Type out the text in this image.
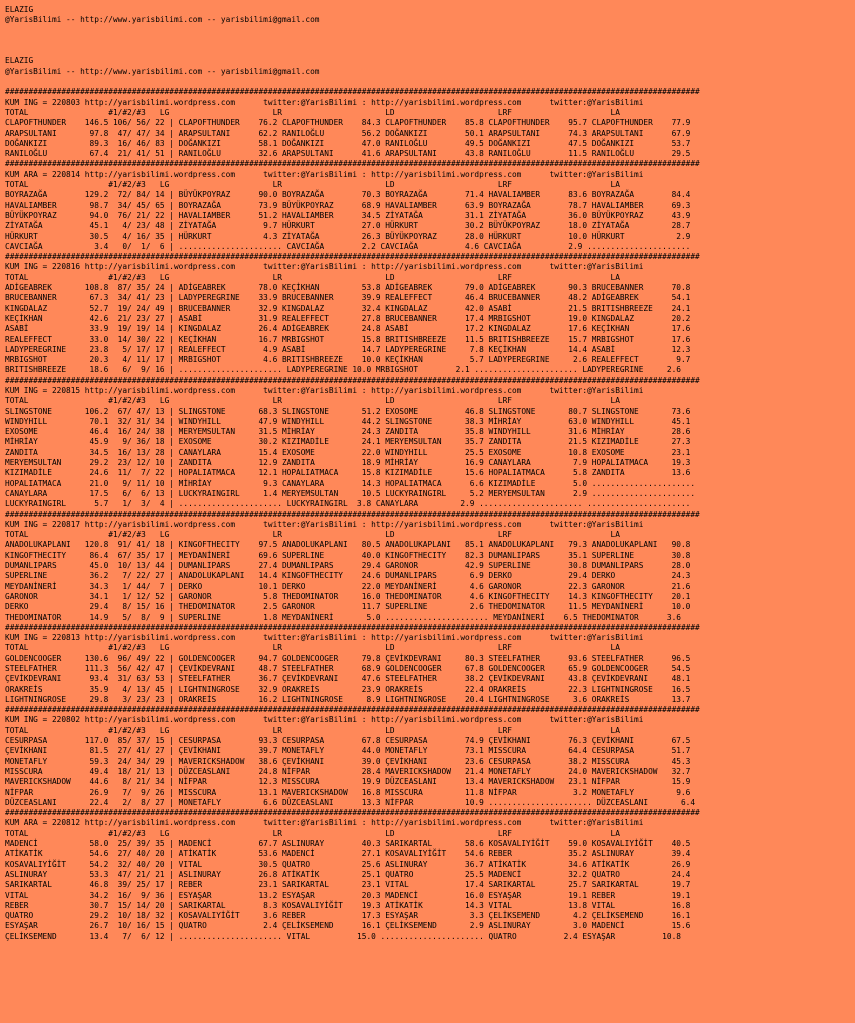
ELAZIG
@YarisBilimi -- http://www.yarisbilimi.com -- yarisbilimi@gmail.com

ELAZIG
@YarisBilimi -- http://www.yarisbilimi.com -- yarisbilimi@gmail.com

####################################################################################################################################################
KUM ING = 220803 http://yarisbilimi.wordpress.com      twitter:@YarisBilimi : http://yarisbilimi.wordpress.com      twitter:@YarisBilimi
TOTAL                 #1/#2/#3   LG                      LR                      LD                      LRF                     LA
CLAPOFTHUNDER    146.5 106/ 56/ 22 | CLAPOFTHUNDER    76.2 CLAPOFTHUNDER    84.3 CLAPOFTHUNDER    85.8 CLAPOFTHUNDER    95.7 CLAPOFTHUNDER    77.9
ARAPSULTANI       97.8  47/ 47/ 34 | ARAPSULTANI      62.2 RANILOĞLU        56.2 DOĞANKIZI        50.1 ARAPSULTANI      74.3 ARAPSULTANI      67.9
DOĞANKIZI         89.3  16/ 46/ 83 | DOĞANKIZI        58.1 DOĞANKIZI        47.0 RANILOĞLU        49.5 DOĞANKIZI        47.5 DOĞANKIZI        53.7
RANILOĞLU         67.4  21/ 41/ 51 | RANILOĞLU        32.6 ARAPSULTANI      41.6 ARAPSULTANI      43.8 RANILOĞLU        11.5 RANILOĞLU        29.5
####################################################################################################################################################
KUM ARA = 220814 http://yarisbilimi.wordpress.com      twitter:@YarisBilimi : http://yarisbilimi.wordpress.com      twitter:@YarisBilimi
TOTAL                 #1/#2/#3   LG                      LR                      LD                      LRF                     LA
BOYRAZAĞA        129.2  72/ 84/ 14 | BÜYÜKPOYRAZ      90.0 BOYRAZAĞA        70.3 BOYRAZAĞA        71.4 HAVALIAMBER      83.6 BOYRAZAĞA        84.4
HAVALIAMBER       98.7  34/ 45/ 65 | BOYRAZAĞA        73.9 BÜYÜKPOYRAZ      68.9 HAVALIAMBER      63.9 BOYRAZAĞA        78.7 HAVALIAMBER      69.3
BÜYÜKPOYRAZ       94.0  76/ 21/ 22 | HAVALIAMBER      51.2 HAVALIAMBER      34.5 ZİYATAĞA         31.1 ZİYATAĞA         36.0 BÜYÜKPOYRAZ      43.9
ZİYATAĞA          45.1   4/ 23/ 48 | ZİYATAĞA          9.7 HÜRKURT          27.0 HÜRKURT          30.2 BÜYÜKPOYRAZ      18.0 ZİYATAĞA         28.7
HÜRKURT           30.5   4/ 16/ 35 | HÜRKURT           4.3 ZİYATAĞA         26.3 BÜYÜKPOYRAZ      28.0 HÜRKURT          10.0 HÜRKURT           2.9
CAVCIAĞA           3.4   0/  1/  6 | ...................... CAVCIAĞA        2.2 CAVCIAĞA          4.6 CAVCIAĞA          2.9 ......................
####################################################################################################################################################
KUM ING = 220816 http://yarisbilimi.wordpress.com      twitter:@YarisBilimi : http://yarisbilimi.wordpress.com      twitter:@YarisBilimi
TOTAL                 #1/#2/#3   LG                      LR                      LD                      LRF                     LA
ADİGEABREK       108.8  87/ 35/ 24 | ADİGEABREK       78.0 KEÇİKHAN         53.8 ADİGEABREK       79.0 ADİGEABREK       90.3 BRUCEBANNER      70.8
BRUCEBANNER       67.3  34/ 41/ 23 | LADYPEREGRINE    33.9 BRUCEBANNER      39.9 REALEFFECT       46.4 BRUCEBANNER      48.2 ADİGEABREK       54.1
KINGDALAZ         52.7  19/ 24/ 49 | BRUCEBANNER      32.9 KINGDALAZ        32.4 KINGDALAZ        42.0 ASABİ            21.5 BRITISHBREEZE    24.1
KEÇİKHAN          42.6  21/ 23/ 27 | ASABİ            31.9 REALEFFECT       27.8 BRUCEBANNER      17.4 MRBIGSHOT        19.0 KINGDALAZ        20.2
ASABİ             33.9  19/ 19/ 14 | KINGDALAZ        26.4 ADİGEABREK       24.8 ASABİ            17.2 KINGDALAZ        17.6 KEÇİKHAN         17.6
REALEFFECT        33.0  14/ 30/ 22 | KEÇİKHAN         16.7 MRBIGSHOT        15.8 BRITISHBREEZE    11.5 BRITISHBREEZE    15.7 MRBIGSHOT        17.6
LADYPEREGRINE     23.8   5/ 17/ 17 | REALEFFECT        4.9 ASABİ            14.7 LADYPEREGRINE     7.8 KEÇİKHAN         14.4 ASABİ            12.3
MRBIGSHOT         20.3   4/ 11/ 17 | MRBIGSHOT         4.6 BRITISHBREEZE    10.0 KEÇİKHAN          5.7 LADYPEREGRINE     2.6 REALEFFECT        9.7
BRITISHBREEZE     18.6   6/  9/ 16 | ...................... LADYPEREGRINE 10.0 MRBIGSHOT        2.1 ...................... LADYPEREGRINE     2.6
####################################################################################################################################################
KUM ING = 220815 http://yarisbilimi.wordpress.com      twitter:@YarisBilimi : http://yarisbilimi.wordpress.com      twitter:@YarisBilimi
TOTAL                 #1/#2/#3   LG                      LR                      LD                      LRF                     LA
SLINGSTONE       106.2  67/ 47/ 13 | SLINGSTONE       68.3 SLINGSTONE       51.2 EXOSOME          46.8 SLINGSTONE       80.7 SLINGSTONE       73.6
WINDYHILL         70.1  32/ 31/ 34 | WINDYHILL        47.9 WINDYHILL        44.2 SLINGSTONE       38.3 MİHRİAY          63.0 WINDYHILL        45.1
EXOSOME           46.4  16/ 24/ 38 | MERYEMSULTAN     31.5 MİHRİAY          24.3 ZANDITA          35.8 WINDYHILL        31.6 MİHRİAY          28.6
MİHRİAY           45.9   9/ 36/ 18 | EXOSOME          30.2 KIZIMADİLE       24.1 MERYEMSULTAN     35.7 ZANDITA          21.5 KIZIMADİLE       27.3
ZANDITA           34.5  16/ 13/ 28 | CANAYLARA        15.4 EXOSOME          22.0 WINDYHILL        25.5 EXOSOME          10.8 EXOSOME          23.1
MERYEMSULTAN      29.2  23/ 12/ 10 | ZANDITA          12.9 ZANDITA          18.9 MİHRİAY          16.9 CANAYLARA         7.9 HOPALIATMACA     19.3
KIZIMADİLE        24.6  11/  7/ 22 | HOPALIATMACA     12.1 HOPALIATMACA     15.8 KIZIMADİLE       15.6 HOPALIATMACA      5.8 ZANDITA          13.6
HOPALIATMACA      21.0   9/ 11/ 10 | MİHRİAY           9.3 CANAYLARA        14.3 HOPALIATMACA      6.6 KIZIMADİLE        5.0 ......................
CANAYLARA         17.5   6/  6/ 13 | LUCKYRAINGIRL     1.4 MERYEMSULTAN     10.5 LUCKYRAINGIRL     5.2 MERYEMSULTAN      2.9 ......................
LUCKYRAINGIRL      5.7   1/  3/  4 | ...................... LUCKYRAINGIRL  3.8 CANAYLARA         2.9 ...................... ......................
####################################################################################################################################################
KUM ING = 220817 http://yarisbilimi.wordpress.com      twitter:@YarisBilimi : http://yarisbilimi.wordpress.com      twitter:@YarisBilimi
TOTAL                 #1/#2/#3   LG                      LR                      LD                      LRF                     LA
ANADOLUKAPLANI   120.8  91/ 41/ 18 | KINGOFTHECITY    97.5 ANADOLUKAPLANI   80.5 ANADOLUKAPLANI   85.1 ANADOLUKAPLANI   79.3 ANADOLUKAPLANI   90.8
KINGOFTHECITY     86.4  67/ 35/ 17 | MEYDANİNERİ      69.6 SUPERLINE        40.0 KINGOFTHECITY    82.3 DUMANLIPARS      35.1 SUPERLINE        30.8
DUMANLIPARS       45.0  10/ 13/ 44 | DUMANLIPARS      27.4 DUMANLIPARS      29.4 GARONOR          42.9 SUPERLINE        30.8 DUMANLIPARS      28.0
SUPERLINE         36.2   7/ 22/ 27 | ANADOLUKAPLANI   14.4 KINGOFTHECITY    24.6 DUMANLIPARS       6.9 DERKO            29.4 DERKO            24.3
MEYDANİNERİ       34.3   1/ 44/  7 | DERKO            10.1 DERKO            22.0 MEYDANİNERİ       4.6 GARONOR          22.3 GARONOR          21.6
GARONOR           34.1   1/ 12/ 52 | GARONOR           5.8 THEDOMINATOR     16.0 THEDOMINATOR      4.6 KINGOFTHECITY    14.3 KINGOFTHECITY    20.1
DERKO             29.4   8/ 15/ 16 | THEDOMINATOR      2.5 GARONOR          11.7 SUPERLINE         2.6 THEDOMINATOR     11.5 MEYDANİNERİ      10.0
THEDOMINATOR      14.9   5/  8/  9 | SUPERLINE         1.8 MEYDANİNERİ       5.0 ...................... MEYDANİNERİ    6.5 THEDOMINATOR      3.6
####################################################################################################################################################
KUM ING = 220813 http://yarisbilimi.wordpress.com      twitter:@YarisBilimi : http://yarisbilimi.wordpress.com      twitter:@YarisBilimi
TOTAL                 #1/#2/#3   LG                      LR                      LD                      LRF                     LA
GOLDENCOOGER     130.6  96/ 49/ 22 | GOLDENCOOGER     94.7 GOLDENCOOGER     79.8 ÇEVİKDEVRANI     80.3 STEELFATHER      93.6 STEELFATHER      96.5
STEELFATHER      111.3  56/ 42/ 47 | ÇEVİKDEVRANI     48.7 STEELFATHER      68.9 GOLDENCOOGER     67.8 GOLDENCOOGER     65.9 GOLDENCOOGER     54.5
ÇEVİKDEVRANI      93.4  31/ 63/ 53 | STEELFATHER      36.7 ÇEVİKDEVRANI     47.6 STEELFATHER      38.2 ÇEVİKDEVRANI     43.8 ÇEVİKDEVRANI     48.1
ORAKREİS          35.9   4/ 13/ 45 | LIGHTNINGROSE    32.9 ORAKREİS         23.9 ORAKREİS         22.4 ORAKREİS         22.3 LIGHTNINGROSE    16.5
LIGHTNINGROSE     29.8   3/ 23/ 23 | ORAKREİS         16.2 LIGHTNINGROSE     8.9 LIGHTNINGROSE    20.4 LIGHTNINGROSE     3.6 ORAKREİS         13.7
####################################################################################################################################################
KUM ING = 220802 http://yarisbilimi.wordpress.com      twitter:@YarisBilimi : http://yarisbilimi.wordpress.com      twitter:@YarisBilimi
TOTAL                 #1/#2/#3   LG                      LR                      LD                      LRF                     LA
CESURPASA        117.0  85/ 37/ 15 | CESURPASA        93.3 CESURPASA        67.8 CESURPASA        74.9 ÇEVİKHANI        76.3 ÇEVİKHANI        67.5
ÇEVİKHANI         81.5  27/ 41/ 27 | ÇEVİKHANI        39.7 MONETAFLY        44.0 MONETAFLY        73.1 MISSCURA         64.4 CESURPASA        51.7
MONETAFLY         59.3  24/ 34/ 29 | MAVERICKSHADOW   38.6 ÇEVİKHANI        39.0 ÇEVİKHANI        23.6 CESURPASA        38.2 MISSCURA         45.3
MISSCURA          49.4  18/ 21/ 13 | DÜZCEASLANI      24.8 NİFPAR           28.4 MAVERICKSHADOW   21.4 MONETAFLY        24.0 MAVERICKSHADOW   32.7
MAVERICKSHADOW    44.6   8/ 21/ 34 | NİFPAR           12.3 MISSCURA         19.9 DÜZCEASLANI      13.4 MAVERICKSHADOW   23.1 NİFPAR           15.9
NİFPAR            26.9   7/  9/ 26 | MISSCURA         13.1 MAVERICKSHADOW   16.8 MISSCURA         11.8 NİFPAR            3.2 MONETAFLY         9.6
DÜZCEASLANI       22.4   2/  8/ 27 | MONETAFLY         6.6 DÜZCEASLANI      13.3 NİFPAR           10.9 ...................... DÜZCEASLANI       6.4
####################################################################################################################################################
KUM ARA = 220812 http://yarisbilimi.wordpress.com      twitter:@YarisBilimi : http://yarisbilimi.wordpress.com      twitter:@YarisBilimi
TOTAL                 #1/#2/#3   LG                      LR                      LD                      LRF                     LA
MADENCİ           58.0  25/ 39/ 35 | MADENCİ          67.7 ASLINURAY        40.3 SARIKARTAL       58.6 KOSAVALIYİĞİT    59.0 KOSAVALIYİĞİT    40.5
ATİKATİK          54.6  27/ 40/ 20 | ATİKATİK         53.6 MADENCİ          27.1 KOSAVALIYİĞİT    54.6 REBER            35.2 ASLINURAY        39.4
KOSAVALIYİĞİT     54.2  32/ 40/ 20 | VITAL            30.5 QUATRO           25.6 ASLINURAY        36.7 ATİKATİK         34.6 ATİKATİK         26.9
ASLINURAY         53.3  47/ 21/ 21 | ASLINURAY        26.8 ATİKATİK         25.1 QUATRO           25.5 MADENCİ          32.2 QUATRO           24.4
SARIKARTAL        46.8  39/ 25/ 17 | REBER            23.1 SARIKARTAL       23.1 VITAL            17.4 SARIKARTAL       25.7 SARIKARTAL       19.7
VITAL             34.2  16/  9/ 36 | ESYAŞAR          13.2 ESYAŞAR          20.3 MADENCİ          16.0 ESYAŞAR          19.1 REBER            19.1
REBER             30.7  15/ 14/ 20 | SARIKARTAL        8.3 KOSAVALIYİĞİT    19.3 ATİKATİK         14.3 VITAL            13.8 VITAL            16.8
QUATRO            29.2  10/ 18/ 32 | KOSAVALIYİĞİT     3.6 REBER            17.3 ESYAŞAR           3.3 ÇELİKSEMEND       4.2 ÇELİKSEMEND      16.1
ESYAŞAR           26.7  10/ 16/ 15 | QUATRO            2.4 ÇELİKSEMEND      16.1 ÇELİKSEMEND       2.9 ASLINURAY         3.0 MADENCİ          15.6
ÇELİKSEMEND       13.4   7/  6/ 12 | ...................... VITAL          15.0 ...................... QUATRO          2.4 ESYAŞAR          10.8
